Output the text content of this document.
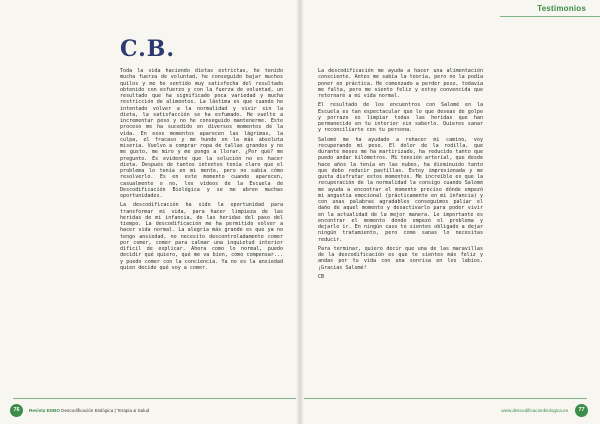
C.B.

Toda la vida haciendo dietas estrictas, he tenido mucha fuerza de voluntad, he conseguido bajar muchos quilos y me he sentido muy satisfecha del resultado obtenido con esfuerzo y con la fuerza de voluntad, un resultado que ha significado poca variedad y mucha restricción de alimentos. La lástima es que cuando he intentado volver a la normalidad y vivir sin la dieta, la satisfacción se ha esfumado. He vuelto a incrementar peso y no he conseguido mantenerme. Este proceso me ha sucedido en diversos momentos de la vida. En esos momentos aparecen las lágrimas, la culpa, el fracaso y me hundo en la más absoluta miseria. Vuelvo a comprar ropa de tallas grandes y no me gusto, me miro y me pongo a llorar. ¿Por qué? me pregunto. Es evidente que la solución no es hacer dieta. Después de tantos intentos tenía claro que el problema lo tenía en mi mente, pero no sabía cómo resolverlo. Es en este momento cuando aparecen, casualmente o no, los vídeos de la Escuela de Descodificación Biológica y se me abren muchas oportunidades.

La descodificación ha sido la oportunidad para transformar mi vida, para hacer limpieza de las heridas de mi infancia, de las heridas del paso del tiempo. La descodificación me ha permitido volver a hacer vida normal. La alegría más grande es que ya no tengo ansiedad, no necesito descontroladamente comer por comer, comer para calmar una inquietud interior difícil de explicar. Ahora como lo normal, puedo decidir qué quiero, qué me va bien, cómo compensar... y puedo comer con la conciencia. Ya no es la ansiedad quien decide qué voy a comer.

76	Revista EDBO Descodificación Biológica | Terapia & Salud
Testimonios

La descodificación me ayuda a hacer una alimentación consciente. Antes me sabía la teoría, pero no la podía poner en práctica. He comenzado a perder peso, todavía me falta, pero me siento feliz y estoy convencida que retornaré a mi vida normal.

El resultado de los encuentros con Salomé en la Escuela es tan espectacular que lo que deseas de golpe y porrazo es limpiar todas las heridas que han permanecido en tu interior sin saberlo. Quieres sanar y reconciliarte con tu persona.

Salomé me ha ayudado a rehacer mi camino, voy recuperando mi peso. El dolor de la rodilla, que durante meses me ha martirizado, ha reducido tanto que puedo andar kilómetros. Mi tensión arterial, que desde hace años la tenía en las nubes, ha disminuido tanto que debo reducir pastillas. Estoy impresionada y me gusta disfrutar estos momentos. Me increíble es que la recuperación de la normalidad la consigo cuando Salomé me ayuda a encontrar el momento preciso dónde empezó mi angustia emocional (prácticamente en mi infancia) y con unas palabras agradables conseguimos paliar el daño de aquel momento y desactivarlo para poder vivir en la actualidad de la mejor manera. Lo importante es encontrar el momento dónde empezó el problema y dejarlo ir. En ningún caso te sientes obligado a dejar ningún tratamiento, pero como sanas lo necesitas reducir.

Para terminar, quiero decir que una de las maravillas de la descodificación es que te sientes más feliz y andas por tu vida con una sonrisa en los labios. ¡Gracias Salomé!

CB

www.descodificacionbiologica.es	77
